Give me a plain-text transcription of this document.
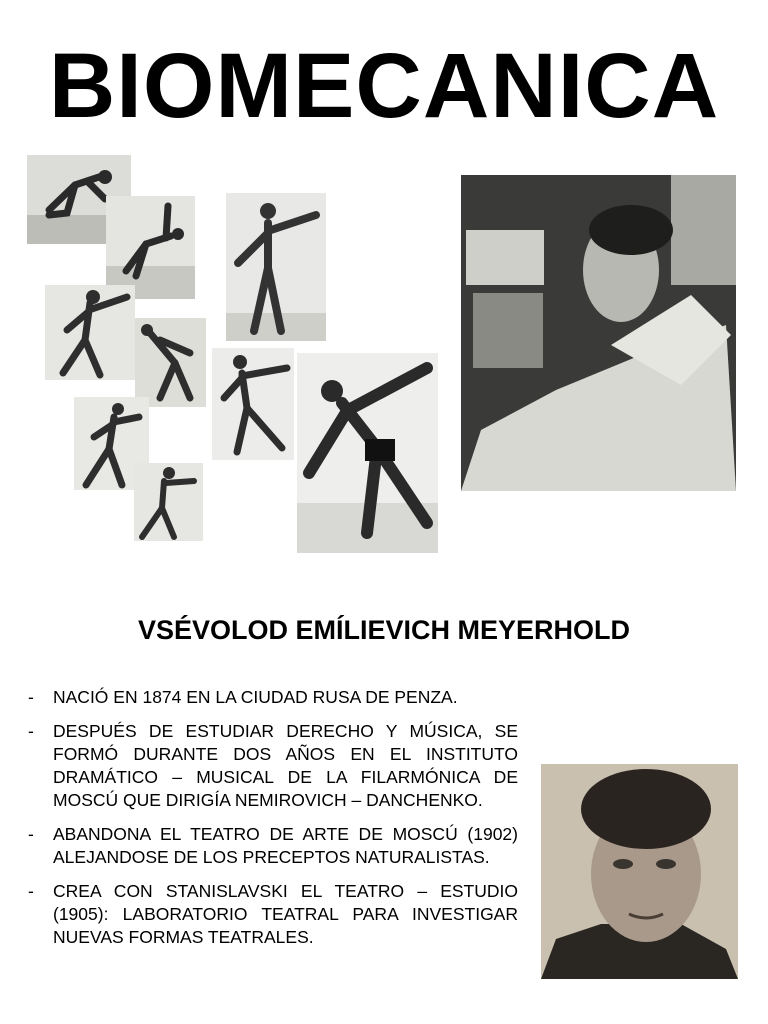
BIOMECANICA
VSÉVOLOD EMÍLIEVICH MEYERHOLD
- NACIÓ EN 1874 EN LA CIUDAD RUSA DE PENZA.
- DESPUÉS DE ESTUDIAR DERECHO Y MÚSICA, SE FORMÓ DURANTE DOS AÑOS EN EL INSTITUTO DRAMÁTICO – MUSICAL DE LA FILARMÓNICA DE MOSCÚ QUE DIRIGÍA NEMIROVICH – DANCHENKO.
- ABANDONA EL TEATRO DE ARTE DE MOSCÚ (1902) ALEJANDOSE DE LOS PRECEPTOS NATURALISTAS.
- CREA CON STANISLAVSKI EL TEATRO – ESTUDIO (1905): LABORATORIO TEATRAL PARA INVESTIGAR NUEVAS FORMAS TEATRALES.
